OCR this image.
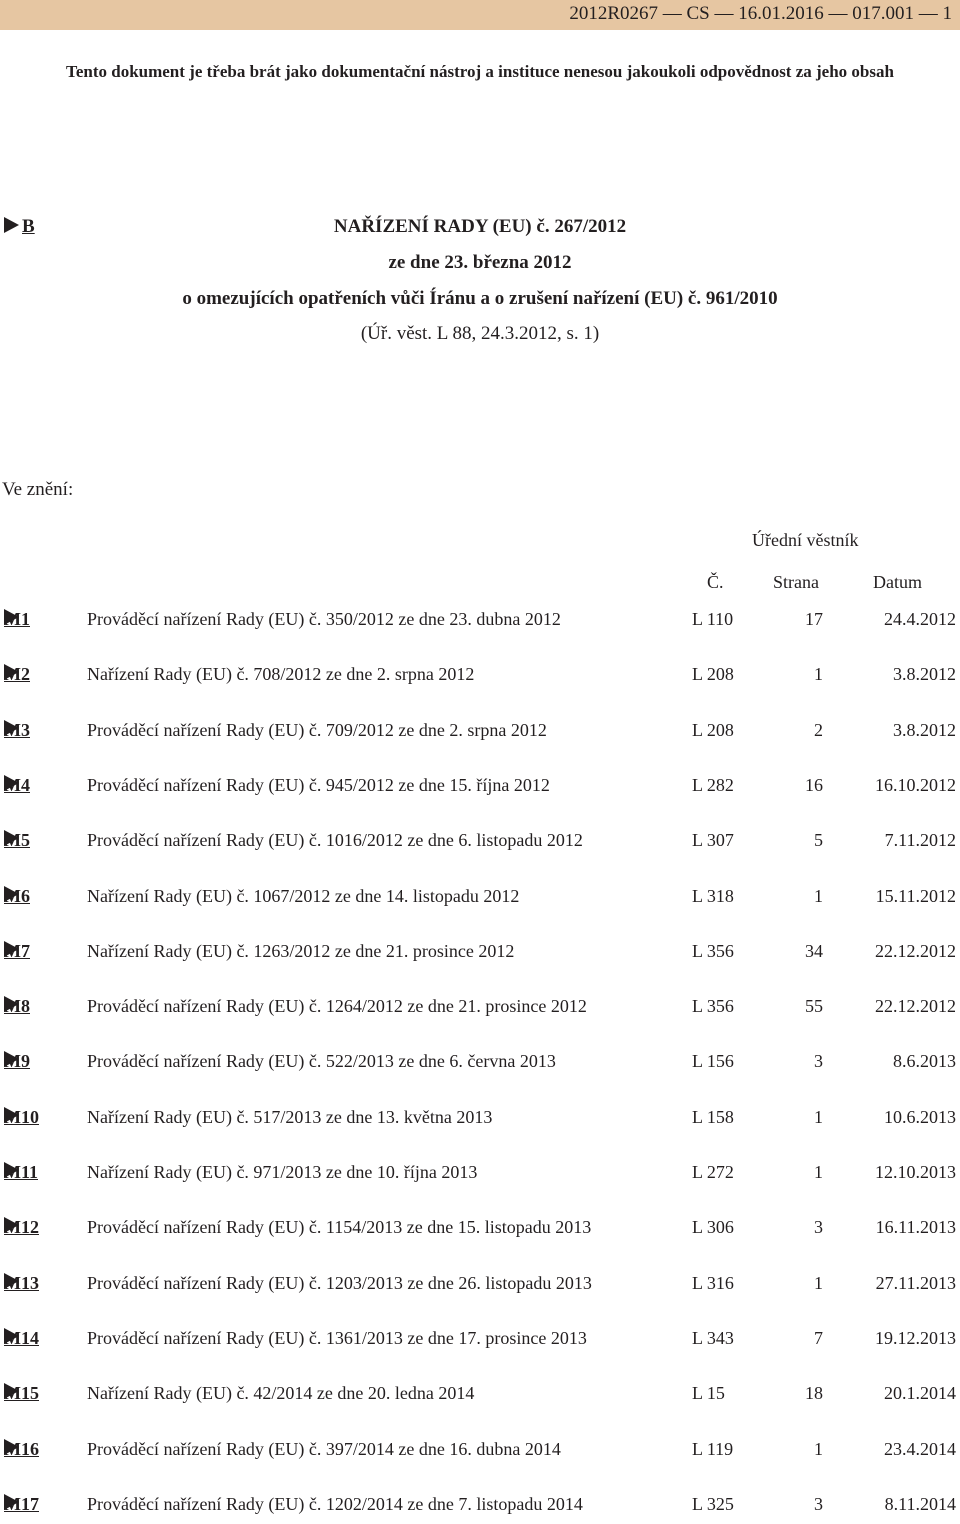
2012R0267 — CS — 16.01.2016 — 017.001 — 1
Tento dokument je třeba brát jako dokumentační nástroj a instituce nenesou jakoukoli odpovědnost za jeho obsah
B	NAŘÍZENÍ RADY (EU) č. 267/2012
ze dne 23. března 2012
o omezujících opatřeních vůči Íránu a o zrušení nařízení (EU) č. 961/2010
(Úř. věst. L 88, 24.3.2012, s. 1)
Ve znění:
Úřední věstník
Č.	Strana	Datum
M1	Prováděcí nařízení Rady (EU) č. 350/2012 ze dne 23. dubna 2012	L 110	17	24.4.2012
M2	Nařízení Rady (EU) č. 708/2012 ze dne 2. srpna 2012	L 208	1	3.8.2012
M3	Prováděcí nařízení Rady (EU) č. 709/2012 ze dne 2. srpna 2012	L 208	2	3.8.2012
M4	Prováděcí nařízení Rady (EU) č. 945/2012 ze dne 15. října 2012	L 282	16	16.10.2012
M5	Prováděcí nařízení Rady (EU) č. 1016/2012 ze dne 6. listopadu 2012	L 307	5	7.11.2012
M6	Nařízení Rady (EU) č. 1067/2012 ze dne 14. listopadu 2012	L 318	1	15.11.2012
M7	Nařízení Rady (EU) č. 1263/2012 ze dne 21. prosince 2012	L 356	34	22.12.2012
M8	Prováděcí nařízení Rady (EU) č. 1264/2012 ze dne 21. prosince 2012	L 356	55	22.12.2012
M9	Prováděcí nařízení Rady (EU) č. 522/2013 ze dne 6. června 2013	L 156	3	8.6.2013
M10	Nařízení Rady (EU) č. 517/2013 ze dne 13. května 2013	L 158	1	10.6.2013
M11	Nařízení Rady (EU) č. 971/2013 ze dne 10. října 2013	L 272	1	12.10.2013
M12	Prováděcí nařízení Rady (EU) č. 1154/2013 ze dne 15. listopadu 2013	L 306	3	16.11.2013
M13	Prováděcí nařízení Rady (EU) č. 1203/2013 ze dne 26. listopadu 2013	L 316	1	27.11.2013
M14	Prováděcí nařízení Rady (EU) č. 1361/2013 ze dne 17. prosince 2013	L 343	7	19.12.2013
M15	Nařízení Rady (EU) č. 42/2014 ze dne 20. ledna 2014	L 15	18	20.1.2014
M16	Prováděcí nařízení Rady (EU) č. 397/2014 ze dne 16. dubna 2014	L 119	1	23.4.2014
M17	Prováděcí nařízení Rady (EU) č. 1202/2014 ze dne 7. listopadu 2014	L 325	3	8.11.2014
